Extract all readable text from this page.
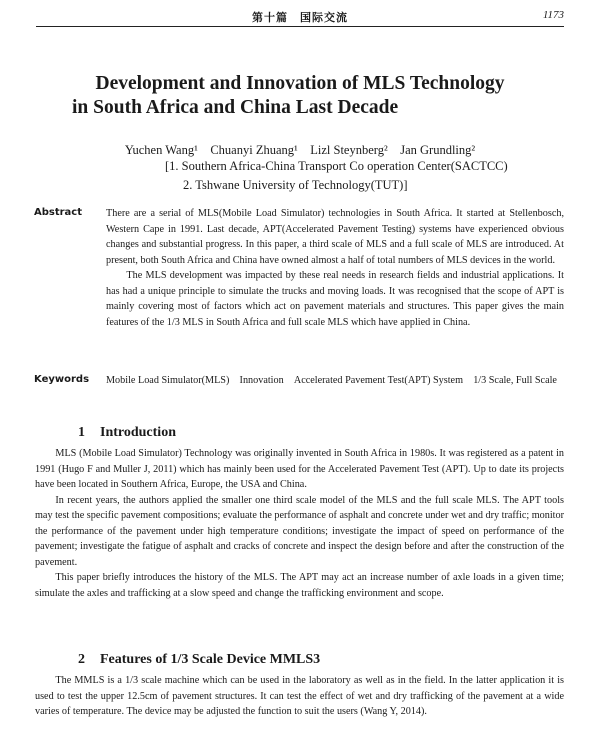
第十篇　国际交流	1173
Development and Innovation of MLS Technology
in South Africa and China Last Decade
Yuchen Wang¹　Chuanyi Zhuang¹　Lizl Steynberg²　Jan Grundling²
[1. Southern Africa-China Transport Co operation Center(SACTCC)
2. Tshwane University of Technology(TUT)]
Abstract There are a serial of MLS(Mobile Load Simulator) technologies in South Africa. It started at Stellenbosch, Western Cape in 1991. Last decade, APT(Accelerated Pavement Testing) systems have experienced obvious changes and substantial progress. In this paper, a third scale of MLS and a full scale of MLS are introduced. At present, both South Africa and China have owned almost a half of total numbers of MLS devices in the world.

The MLS development was impacted by these real needs in research fields and industrial applications. It has had a unique principle to simulate the trucks and moving loads. It was recognised that the scope of APT is mainly covering most of factors which act on pavement materials and structures. This paper gives the main features of the 1/3 MLS in South Africa and full scale MLS which have applied in China.

Keywords Mobile Load Simulator(MLS)　Innovation　Accelerated Pavement Test(APT) System　1/3 Scale, Full Scale
1 Introduction

MLS (Mobile Load Simulator) Technology was originally invented in South Africa in 1980s. It was registered as a patent in 1991 (Hugo F and Muller J, 2011) which has mainly been used for the Accelerated Pavement Test (APT). Up to date its projects have been located in Southern Africa, Europe, the USA and China.

In recent years, the authors applied the smaller one third scale model of the MLS and the full scale MLS. The APT tools may test the specific pavement compositions; evaluate the performance of asphalt and concrete under wet and dry traffic; monitor the performance of the pavement under high temperature conditions; investigate the impact of speed on performance of the pavement; investigate the fatigue of asphalt and cracks of concrete and inspect the design before and after the construction of the pavement.

This paper briefly introduces the history of the MLS. The APT may act an increase number of axle loads in a given time; simulate the axles and trafficking at a slow speed and change the trafficking environment and scope.

2 Features of 1/3 Scale Device MMLS3

The MMLS is a 1/3 scale machine which can be used in the laboratory as well as in the field. In the latter application it is used to test the upper 12.5cm of pavement structures. It can test the effect of wet and dry trafficking of the pavement at a wide varies of temperature. The device may be adjusted the function to suit the users (Wang Y, 2014).
